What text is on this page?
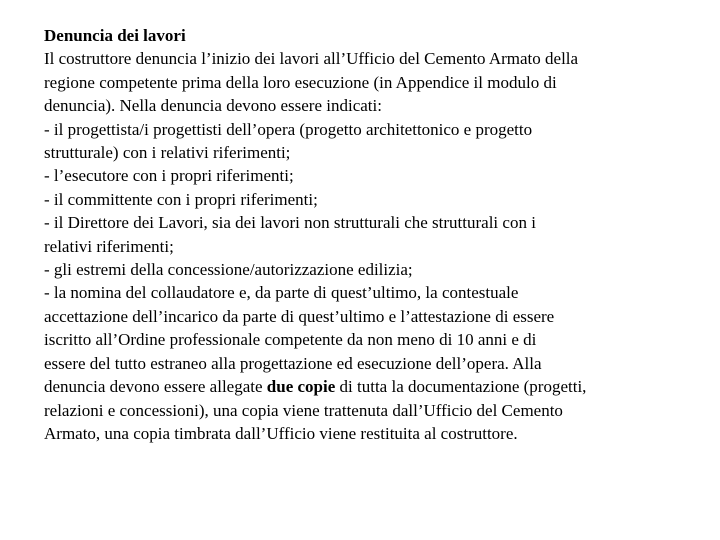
Denuncia dei lavori
Il costruttore denuncia l’inizio dei lavori all’Ufficio del Cemento Armato della
regione competente prima della loro esecuzione (in Appendice il modulo di
denuncia). Nella denuncia devono essere indicati:
- il progettista/i progettisti dell’opera (progetto architettonico e progetto
strutturale) con i relativi riferimenti;
- l’esecutore con i propri riferimenti;
- il committente con i propri riferimenti;
- il Direttore dei Lavori, sia dei lavori non strutturali che strutturali con i
relativi riferimenti;
- gli estremi della concessione/autorizzazione edilizia;
- la nomina del collaudatore e, da parte di quest’ultimo, la contestuale
accettazione dell’incarico da parte di quest’ultimo e l’attestazione di essere
iscritto all’Ordine professionale competente da non meno di 10 anni e di
essere del tutto estraneo alla progettazione ed esecuzione dell’opera. Alla
denuncia devono essere allegate due copie di tutta la documentazione (progetti,
relazioni e concessioni), una copia viene trattenuta dall’Ufficio del Cemento
Armato, una copia timbrata dall’Ufficio viene restituita al costruttore.
